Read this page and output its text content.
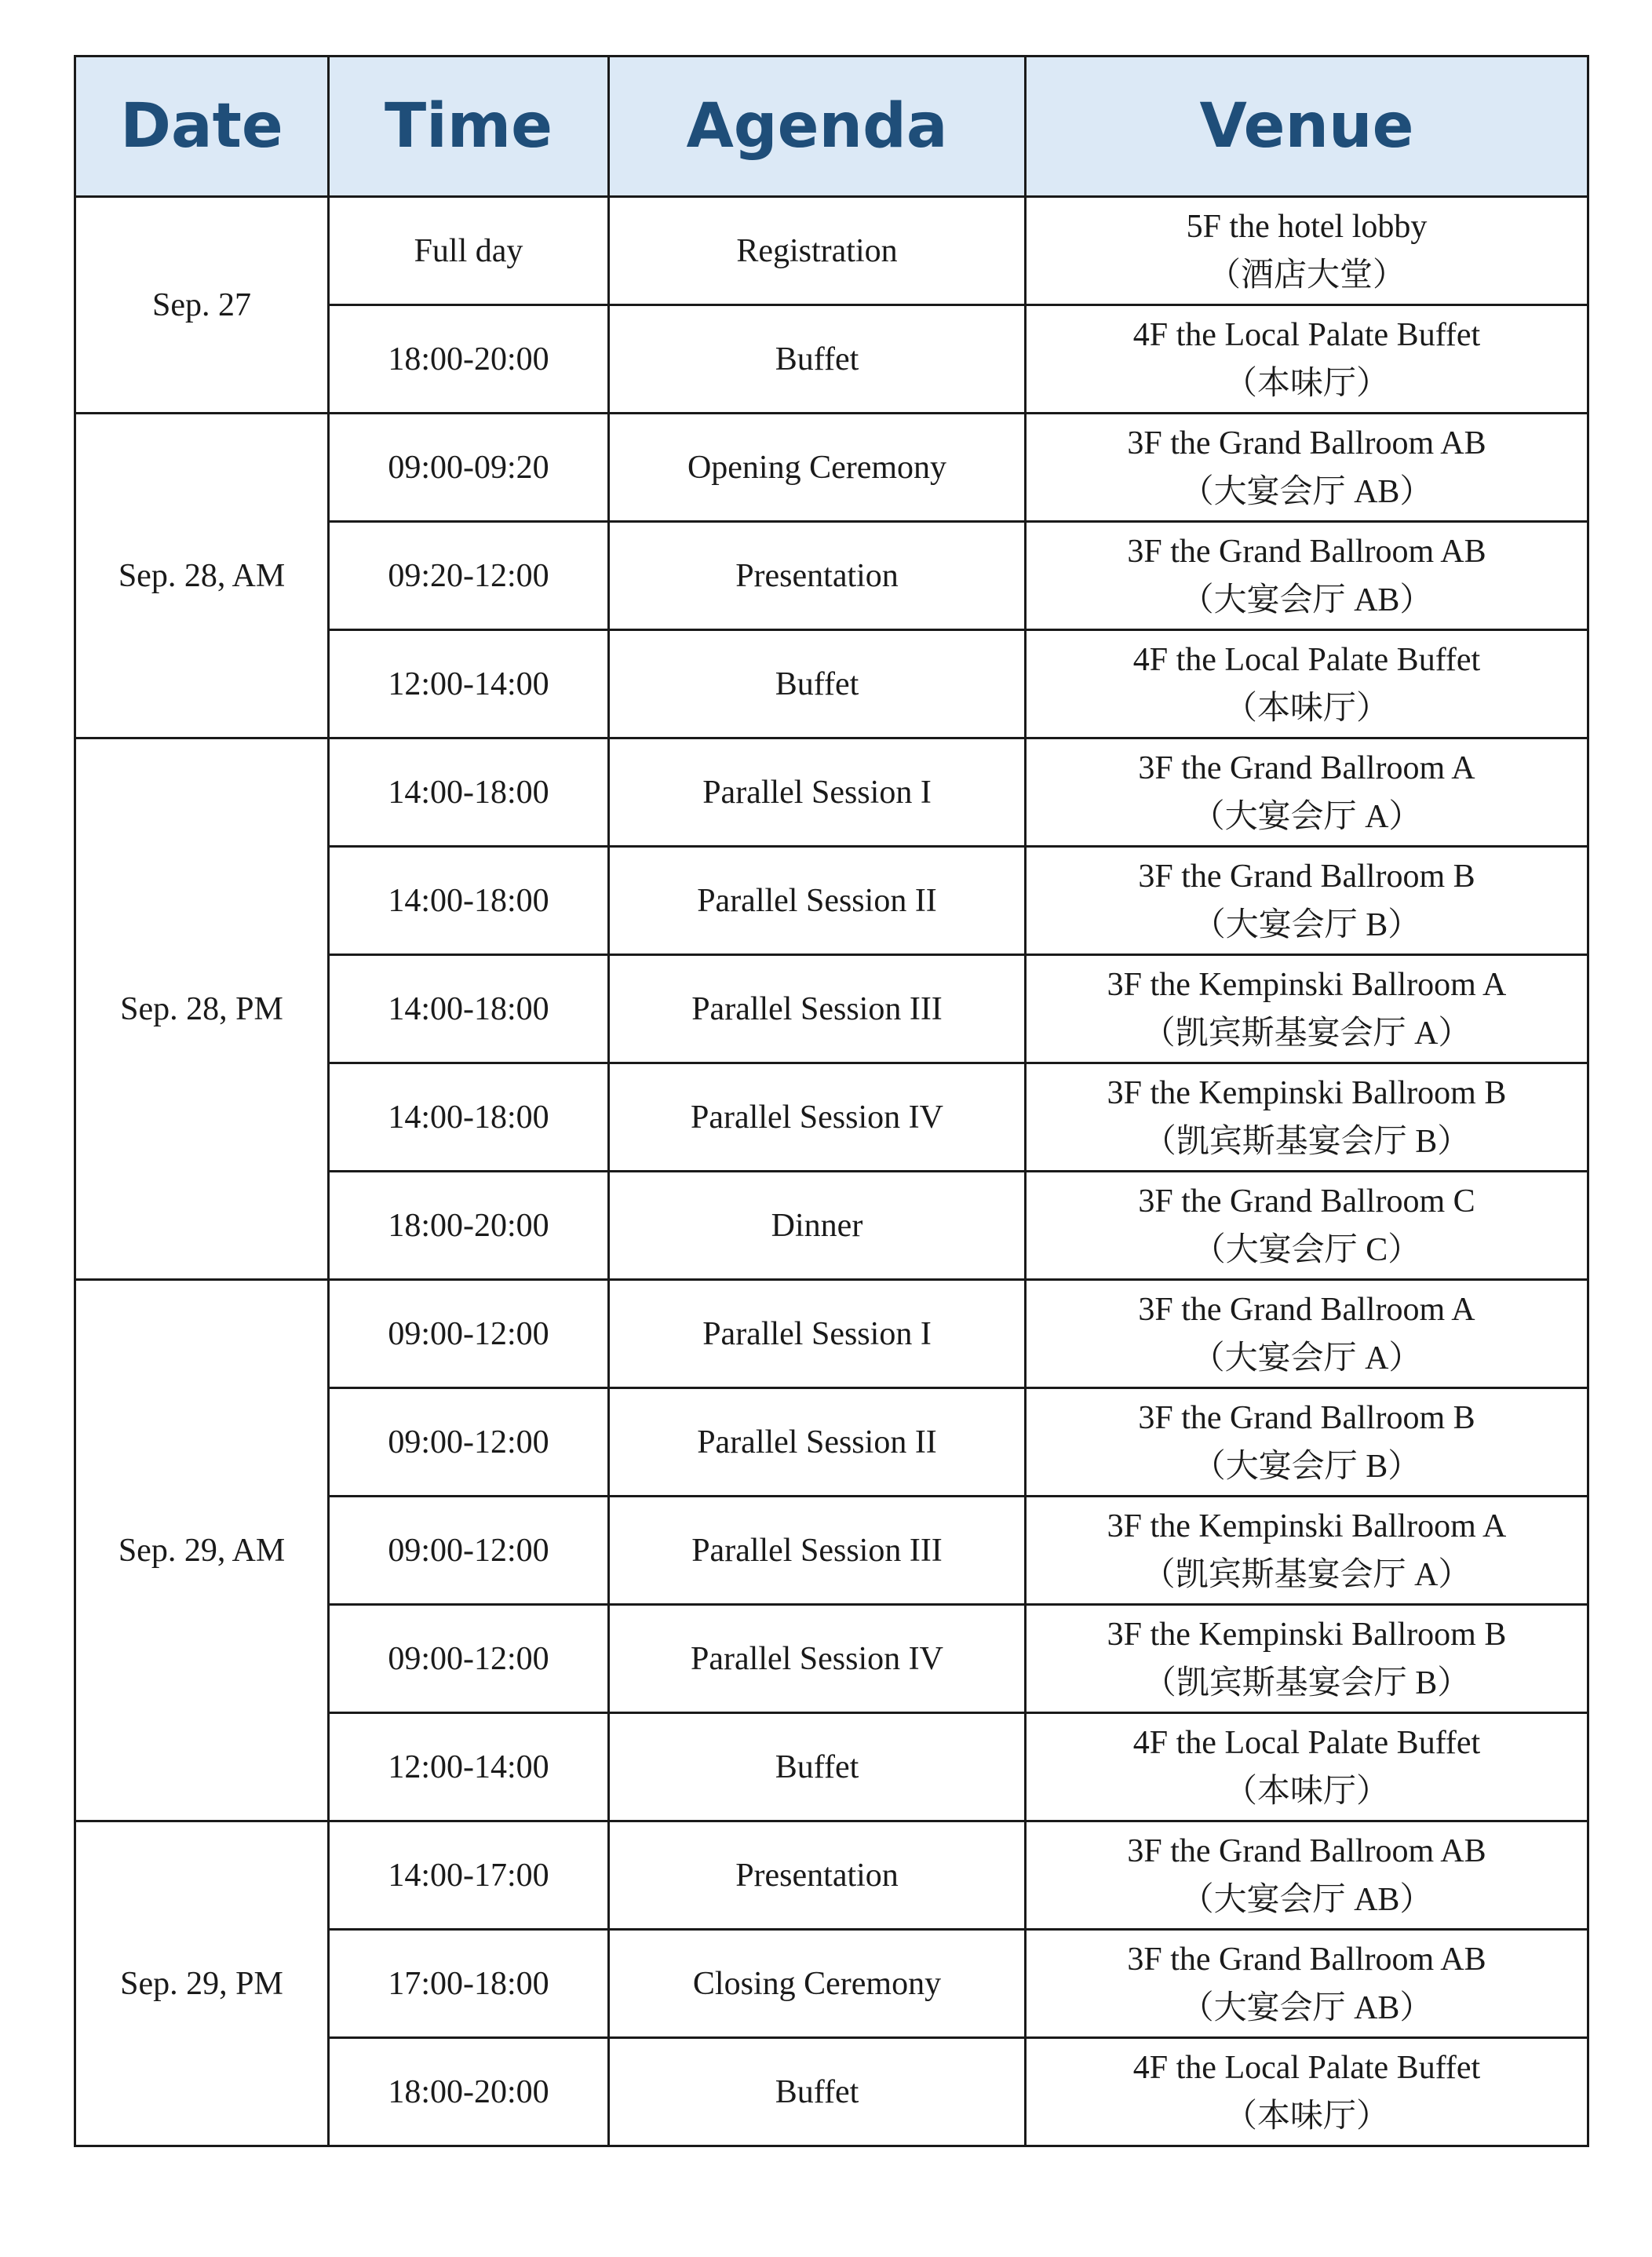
Date	Time	Agenda	Venue
Sep. 27	Full day	Registration	5F the hotel lobby
（酒店大堂）

	18:00-20:00	Buffet	4F the Local Palate Buffet
（本味厅）

Sep. 28, AM	09:00-09:20	Opening Ceremony	3F the Grand Ballroom AB
（大宴会厅 AB）

	09:20-12:00	Presentation	3F the Grand Ballroom AB
（大宴会厅 AB）

	12:00-14:00	Buffet	4F the Local Palate Buffet
（本味厅）

Sep. 28, PM	14:00-18:00	Parallel Session I	3F the Grand Ballroom A
（大宴会厅 A）

	14:00-18:00	Parallel Session II	3F the Grand Ballroom B
（大宴会厅 B）

	14:00-18:00	Parallel Session III	3F the Kempinski Ballroom A
（凯宾斯基宴会厅 A）

	14:00-18:00	Parallel Session IV	3F the Kempinski Ballroom B
（凯宾斯基宴会厅 B）

	18:00-20:00	Dinner	3F the Grand Ballroom C
（大宴会厅 C）

Sep. 29, AM	09:00-12:00	Parallel Session I	3F the Grand Ballroom A
（大宴会厅 A）

	09:00-12:00	Parallel Session II	3F the Grand Ballroom B
（大宴会厅 B）

	09:00-12:00	Parallel Session III	3F the Kempinski Ballroom A
（凯宾斯基宴会厅 A）

	09:00-12:00	Parallel Session IV	3F the Kempinski Ballroom B
（凯宾斯基宴会厅 B）

	12:00-14:00	Buffet	4F the Local Palate Buffet
（本味厅）

Sep. 29, PM	14:00-17:00	Presentation	3F the Grand Ballroom AB
（大宴会厅 AB）

	17:00-18:00	Closing Ceremony	3F the Grand Ballroom AB
（大宴会厅 AB）

	18:00-20:00	Buffet	4F the Local Palate Buffet
（本味厅）
